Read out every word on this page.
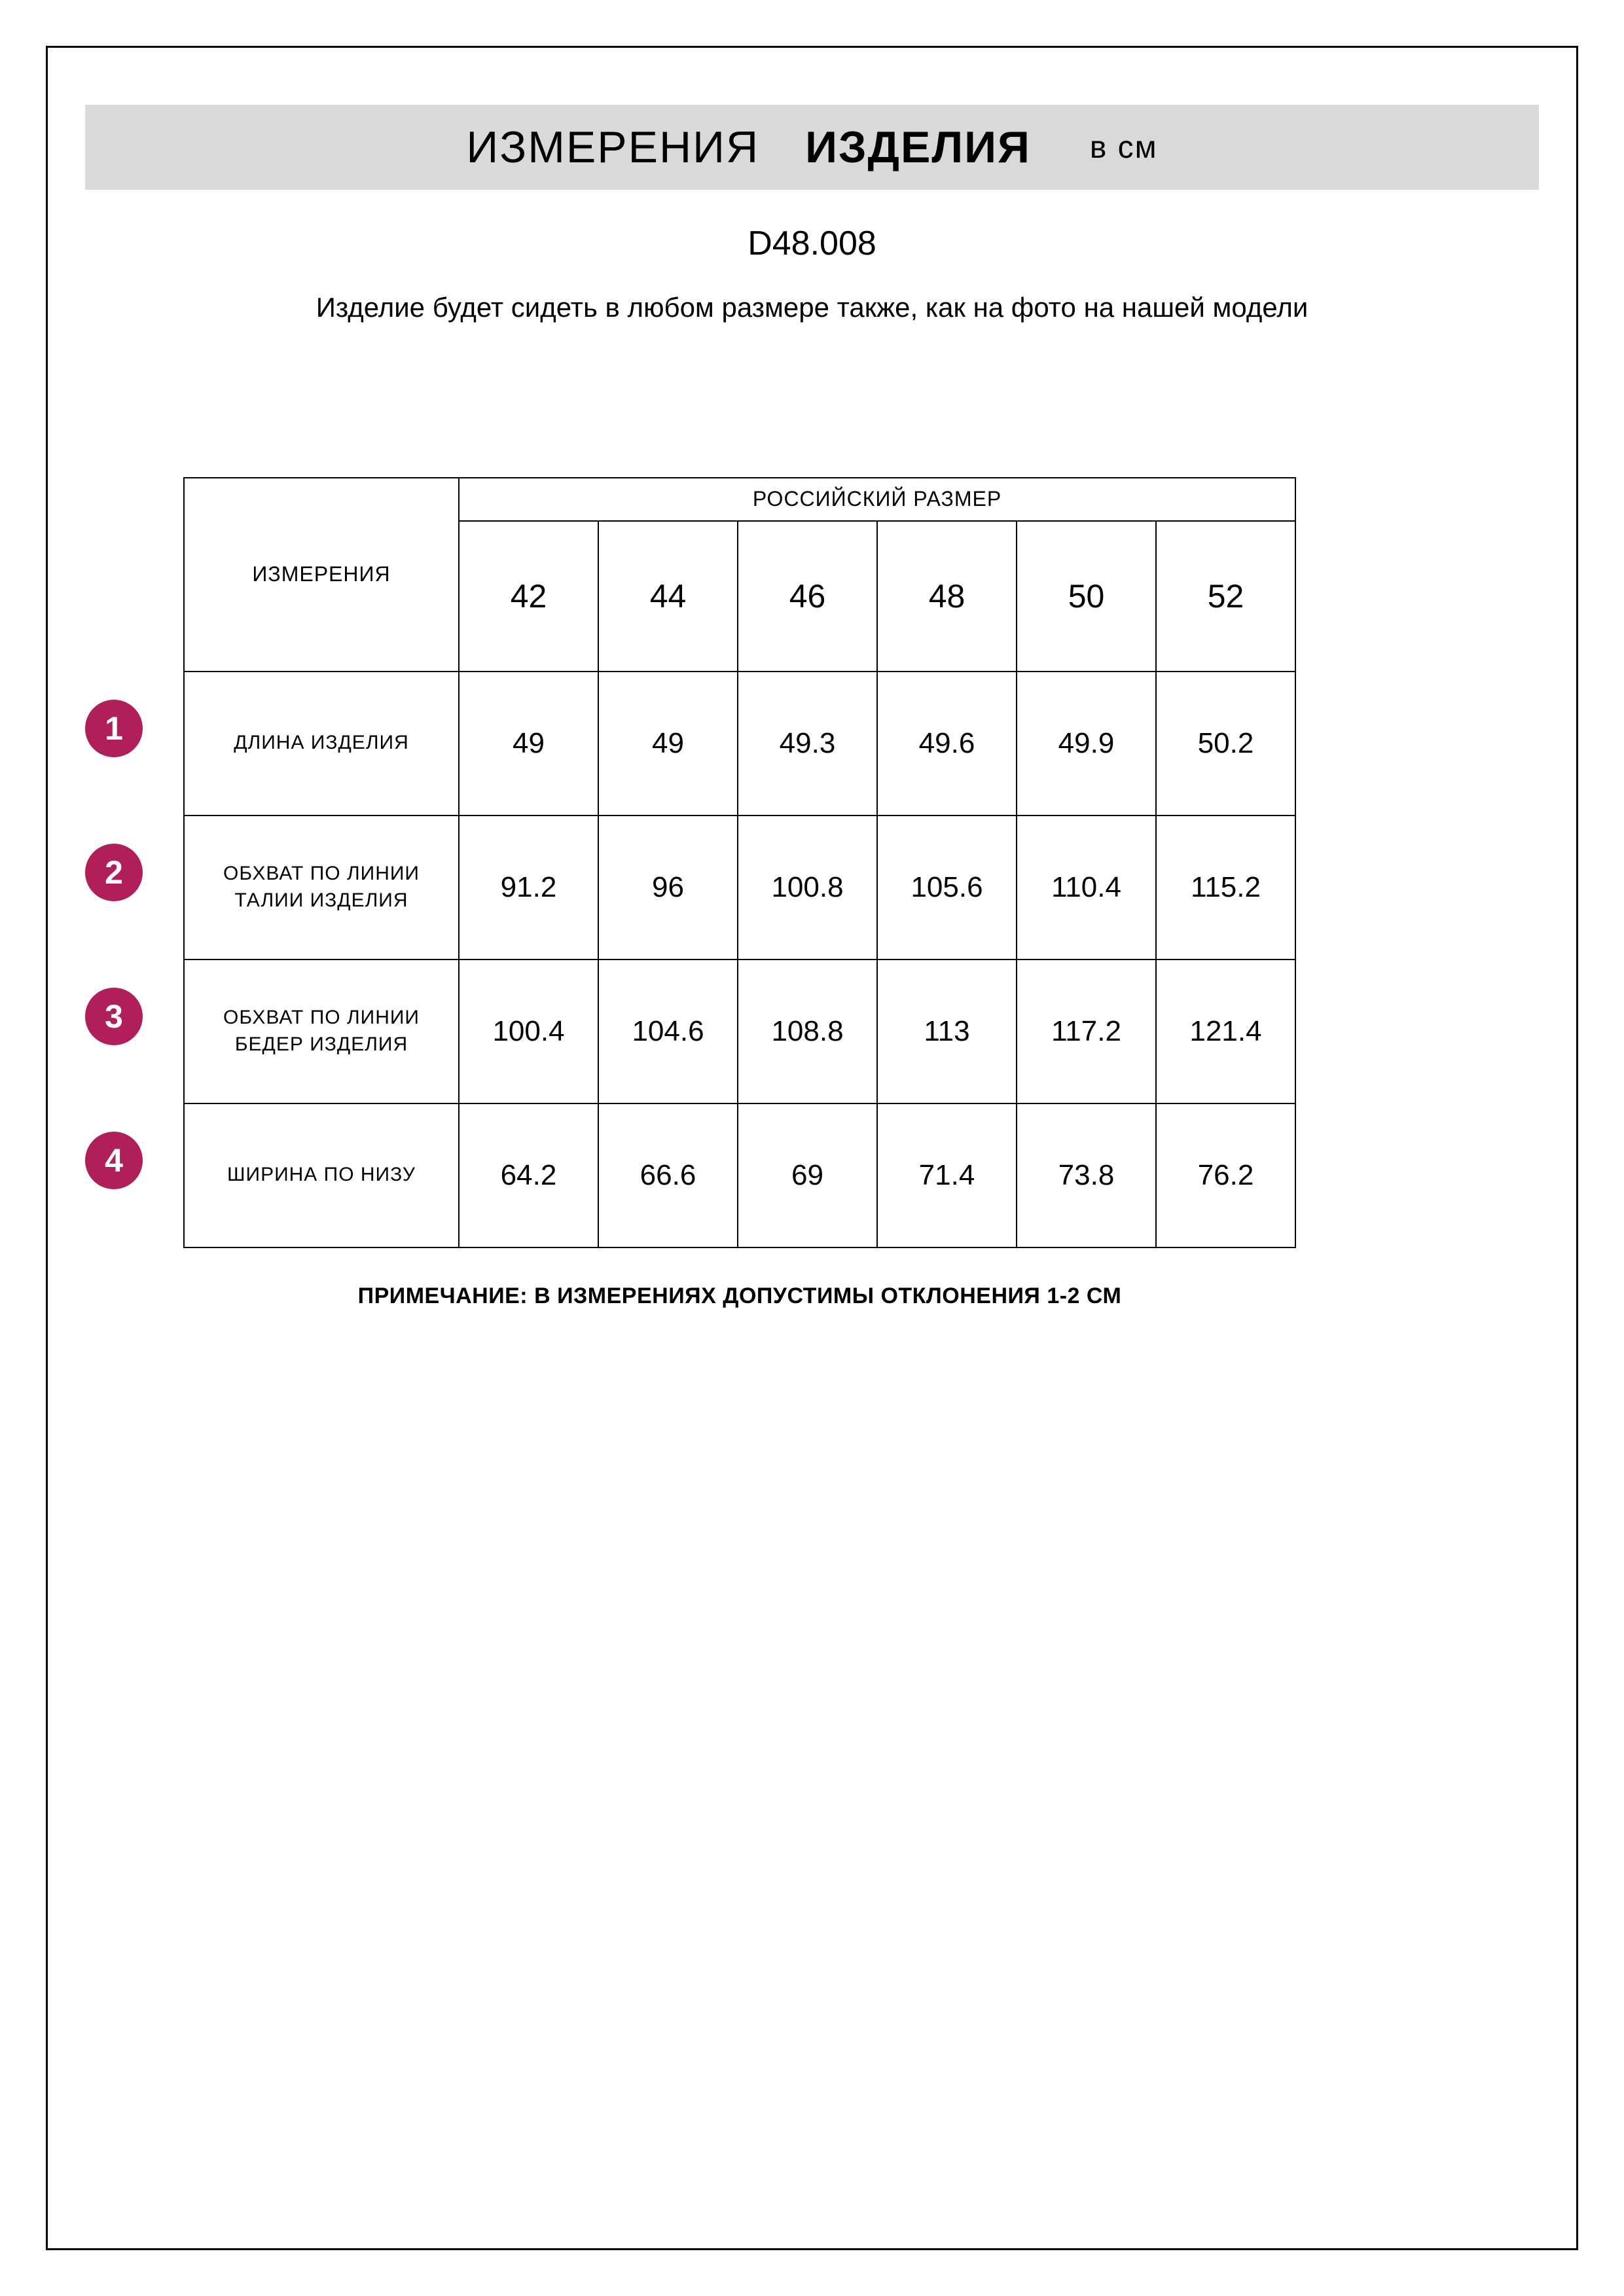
ИЗМЕРЕНИЯ ИЗДЕЛИЯ в см
D48.008
Изделие будет сидеть в любом размере также, как на фото на нашей модели
1
2
3
4
ИЗМЕРЕНИЯ	РОССИЙСКИЙ РАЗМЕР					
	42	44	46	48	50	52
ДЛИНА ИЗДЕЛИЯ	49	49	49.3	49.6	49.9	50.2
ОБХВАТ ПО ЛИНИИ ТАЛИИ ИЗДЕЛИЯ	91.2	96	100.8	105.6	110.4	115.2
ОБХВАТ ПО ЛИНИИ БЕДЕР ИЗДЕЛИЯ	100.4	104.6	108.8	113	117.2	121.4
ШИРИНА ПО НИЗУ	64.2	66.6	69	71.4	73.8	76.2
ПРИМЕЧАНИЕ: В ИЗМЕРЕНИЯХ ДОПУСТИМЫ ОТКЛОНЕНИЯ 1-2 СМ
